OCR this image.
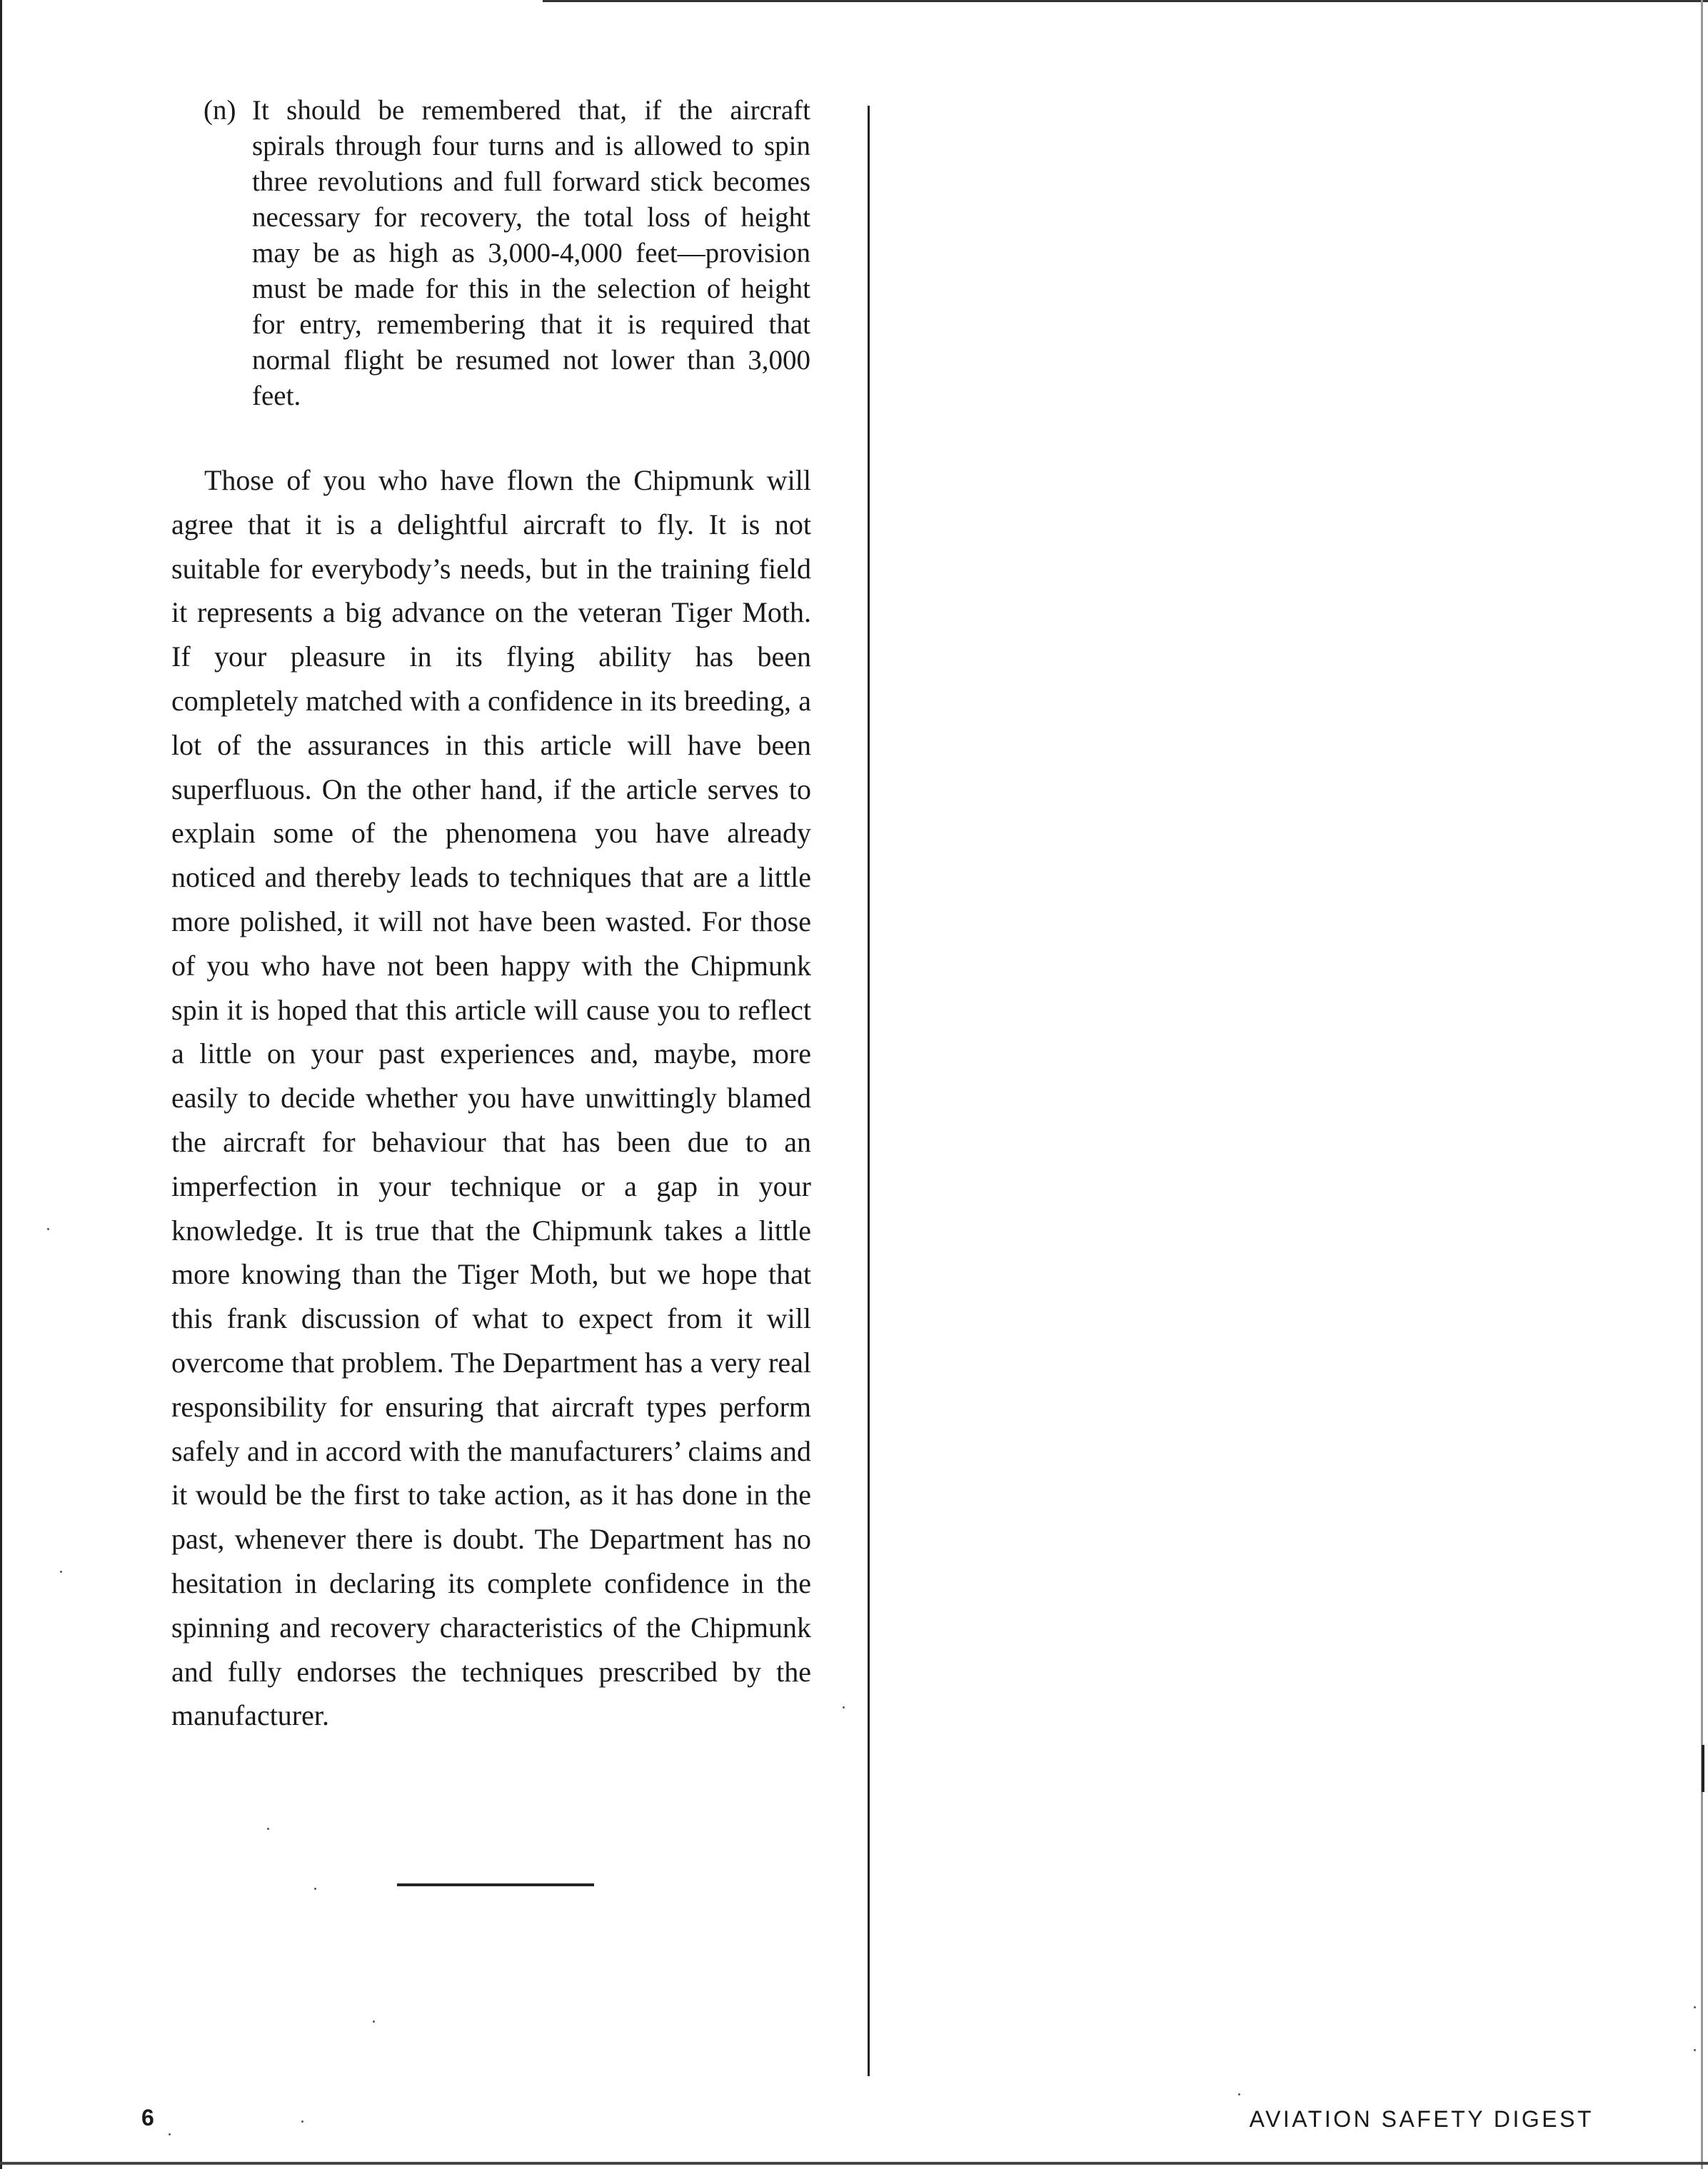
(n) It should be remembered that, if the aircraft spirals through four turns and is allowed to spin three revolutions and full forward stick becomes necessary for recovery, the total loss of height may be as high as 3,000-4,000 feet—provision must be made for this in the selection of height for entry, remembering that it is required that normal flight be resumed not lower than 3,000 feet.

Those of you who have flown the Chipmunk will agree that it is a delightful aircraft to fly. It is not suitable for everybody’s needs, but in the training field it represents a big advance on the veteran Tiger Moth. If your pleasure in its flying ability has been completely matched with a confidence in its breeding, a lot of the assurances in this article will have been superfluous. On the other hand, if the article serves to explain some of the phenomena you have already noticed and thereby leads to techniques that are a little more polished, it will not have been wasted. For those of you who have not been happy with the Chipmunk spin it is hoped that this article will cause you to reflect a little on your past experiences and, maybe, more easily to decide whether you have unwittingly blamed the aircraft for behaviour that has been due to an imperfection in your technique or a gap in your knowledge. It is true that the Chipmunk takes a little more knowing than the Tiger Moth, but we hope that this frank discussion of what to expect from it will overcome that problem. The Department has a very real responsibility for ensuring that aircraft types perform safely and in accord with the manufacturers’ claims and it would be the first to take action, as it has done in the past, whenever there is doubt. The Department has no hesitation in declaring its complete confidence in the spinning and recovery characteristics of the Chipmunk and fully endorses the techniques prescribed by the manufacturer.

6	AVIATION SAFETY DIGEST
